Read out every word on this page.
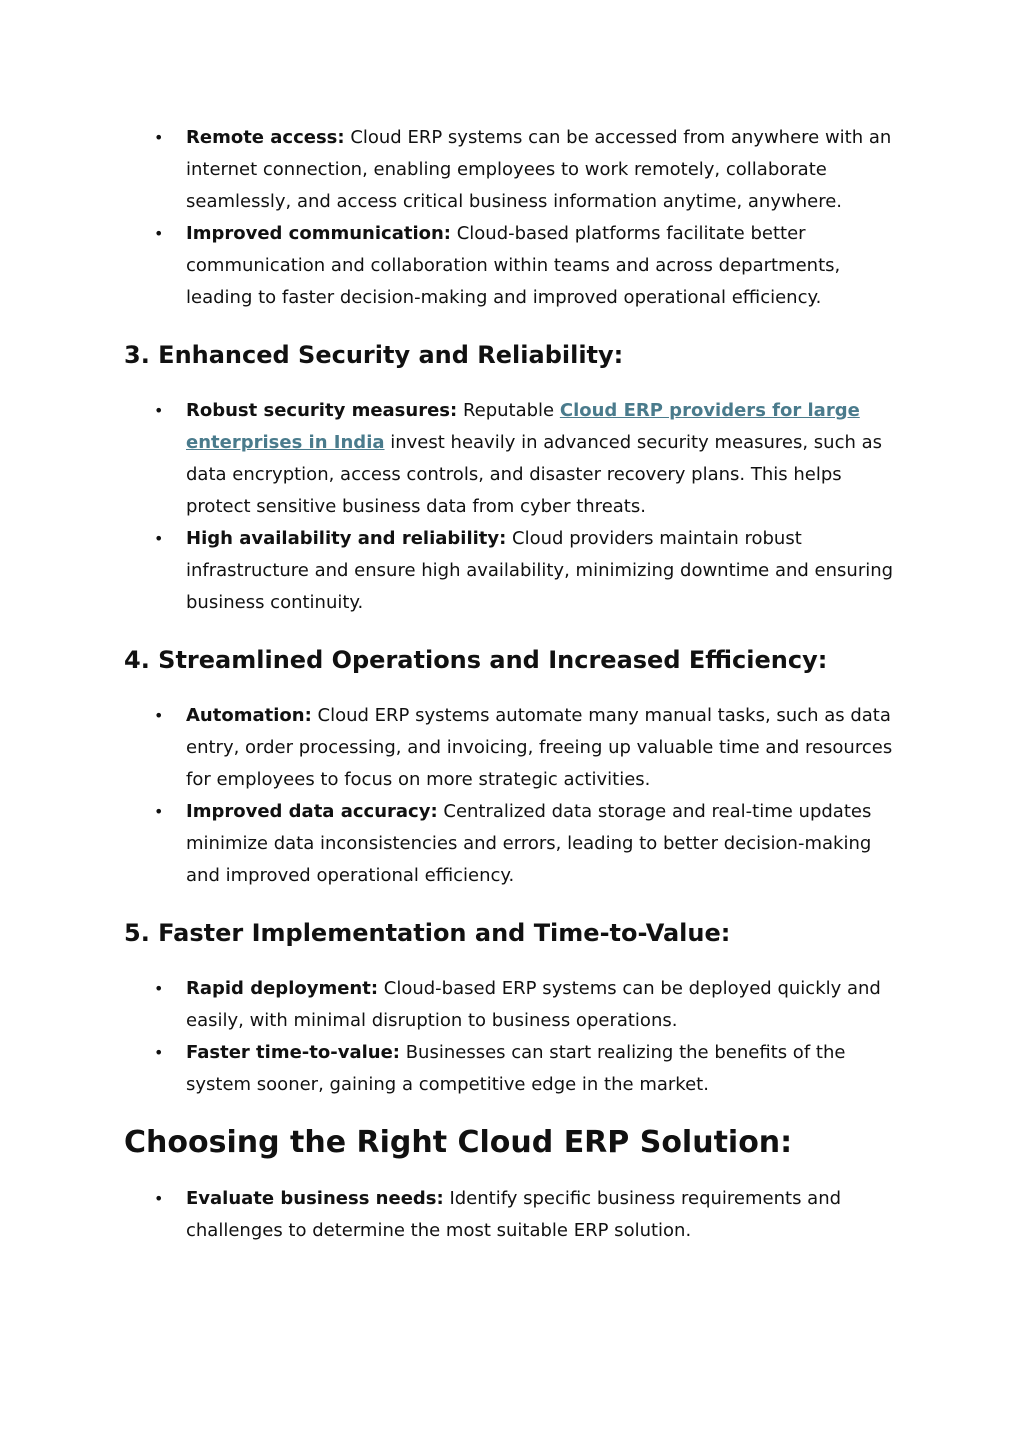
• Remote access: Cloud ERP systems can be accessed from anywhere with an internet connection, enabling employees to work remotely, collaborate seamlessly, and access critical business information anytime, anywhere.
• Improved communication: Cloud-based platforms facilitate better communication and collaboration within teams and across departments, leading to faster decision-making and improved operational efficiency.
3. Enhanced Security and Reliability:
• Robust security measures: Reputable Cloud ERP providers for large enterprises in India invest heavily in advanced security measures, such as data encryption, access controls, and disaster recovery plans. This helps protect sensitive business data from cyber threats.
• High availability and reliability: Cloud providers maintain robust infrastructure and ensure high availability, minimizing downtime and ensuring business continuity.
4. Streamlined Operations and Increased Efficiency:
• Automation: Cloud ERP systems automate many manual tasks, such as data entry, order processing, and invoicing, freeing up valuable time and resources for employees to focus on more strategic activities.
• Improved data accuracy: Centralized data storage and real-time updates minimize data inconsistencies and errors, leading to better decision-making and improved operational efficiency.
5. Faster Implementation and Time-to-Value:
• Rapid deployment: Cloud-based ERP systems can be deployed quickly and easily, with minimal disruption to business operations.
• Faster time-to-value: Businesses can start realizing the benefits of the system sooner, gaining a competitive edge in the market.
Choosing the Right Cloud ERP Solution:
• Evaluate business needs: Identify specific business requirements and challenges to determine the most suitable ERP solution.
